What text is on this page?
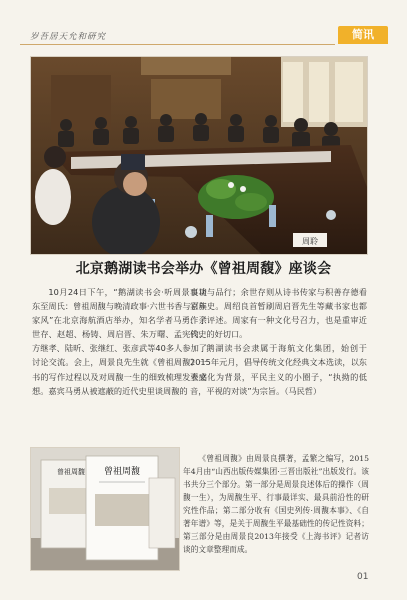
岁吾居天允和研究	简讯
周聆
北京鹅湖读书会举办《曾祖周馥》座谈会

10月24日下午，“鹅湖读书会·听周景良谈东至周氏：曾祖周馥与晚清政事·六世书香与百年家风”在北京海航酒店举办，知名学者马勇、余世存、赵超、杨铸、周启晋、朱万曙、孟宪钧、方继孝、陆昕、张继红、张彦武等40多人参加了讨论交流。会上，周景良先生就《曾祖周馥》一书的写作过程以及对周馥一生的细致梳理发表感想。嘉宾马勇从被遮蔽的近代史里谈周馥的

事功与品行；余世存则从诗书传家与积善存德看家族史。周绍良首暂刷周启晋先生等藏书家也都作了评述。周家有一种文化号召力，也是重审近代史的好切口。

鹅湖读书会隶属于海航文化集团，始创于2015年元月，倡导传统文化经典文本选读，以东亚文化为背景，平民主义的小圈子，“执拗的低音，平视的对谈”为宗旨。（马民哲）

曾祖周馥 曾祖周馥

《曾祖周馥》由周景良撰著，孟繁之编写，2015年4月由“山西出版传媒集团·三晋出版社”出版发行。该书共分三个部分。第一部分是周景良述体后的操作（周馥一生），为周馥生平、行事最详实、最具前沿性的研究性作品；第二部分收有《国史列传·周馥本事》、《自著年谱》等，是关于周馥生平最基础性的传记性资料；第三部分是由周景良2013年接受《上海书评》记者访谈的文章整理而成。

01
